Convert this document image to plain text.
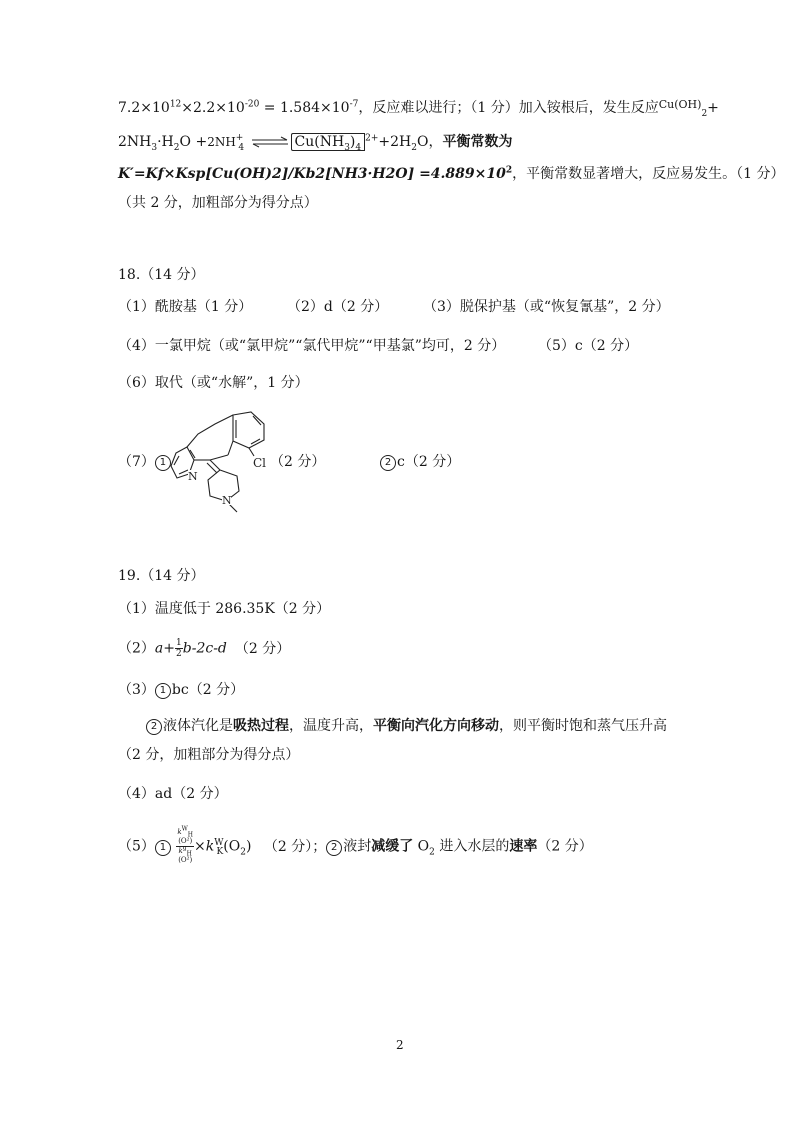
$7.2\times 10^{12}\times 2.2\times 10^{-20} = 1.584\times 10^{-7}$，反应难以进行；（1 分）加入铵根后，发生反应$^{Cu(OH)}_2$+
$2NH_3\cdot H_2O +2NH^+_4$ ⇌ $Cu(NH_3)_4^{2+}+2H_2O$，平衡常数为
$K'=Kf\times Ksp[Cu(OH)2]/Kb2[NH3\cdot H2O] =4.889\times 10^2$，平衡常数显著增大，反应易发生。（1 分）
（共 2 分，加粗部分为得分点）
18.（14 分）
（1）酰胺基（1 分） （2）d（2 分） （3）脱保护基（或“恢复氰基”，2 分）
（4）一氯甲烷（或“氯甲烷”“氯代甲烷”“甲基氯”均可，2 分） （5）c（2 分）
（6）取代（或“水解”，1 分）
（7） 1	（2 分）	2 c（2 分）
N
N
Cl
19.（14 分）
（1）温度低于 286.35K（2 分）
$(2)a+ \frac{1}{2} b-2c-d$ （2 分）
（3） 1 bc（2 分）
2 液体汽化是吸热过程，温度升高，平衡向汽化方向移动，则平衡时饱和蒸气压升高
（2 分，加粗部分为得分点）
（4）ad（2 分）
（5） 1 $k^W_H$
(O²)
$k^g_H$
$(O^2) \times k^W_K(O_2)$ （2 分）； 2 液封减缓了 $O_2$ 进入水层的速率（2 分）
2
